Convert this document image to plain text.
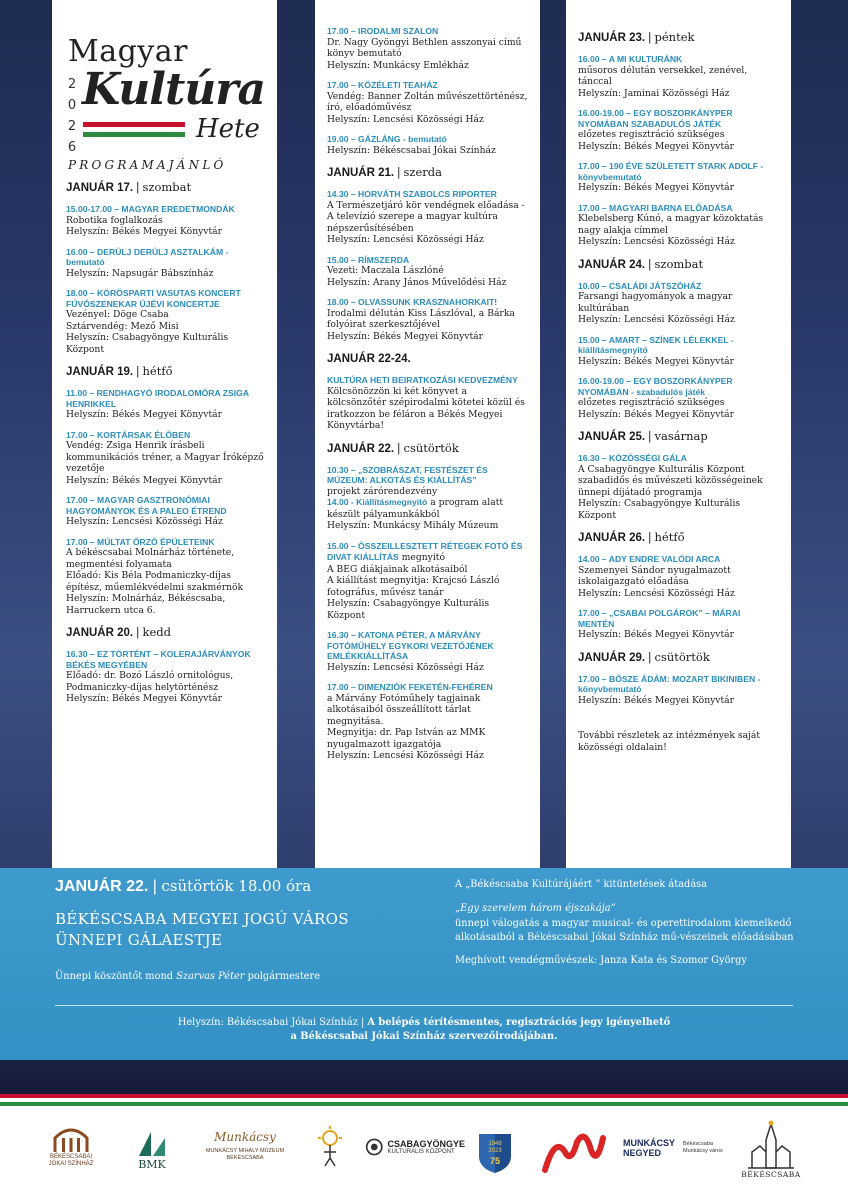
JANUÁR 17. | szombat
15.00-17.00 – MAGYAR EREDETMONDÁK
Robotika foglalkozás
Helyszín: Békés Megyei Könyvtár
16.00 – DERÜLJ DERÜLJ ASZTALKÁM - bemutató
Helyszín: Napsugár Bábszínház
18.00 – KÖRÖSPARTI VASUTAS KONCERT FÚVÓSZENEKAR ÚJÉVI KONCERTJE
Vezényel: Döge Csaba
Sztárvendég: Mező Misi
Helyszín: Csabagyöngye Kulturális Központ
JANUÁR 19. | hétfő
11.00 – RENDHAGYÓ IRODALOMÓRA ZSIGA HENRIKKEL
Helyszín: Békés Megyei Könyvtár
17.00 – KORTÁRSAK ÉLŐBEN
Vendég: Zsiga Henrik írásbeli kommunikációs tréner, a Magyar Íróképző vezetője
Helyszín: Békés Megyei Könyvtár
17.00 – MAGYAR GASZTRONÓMIAI HAGYOMÁNYOK ÉS A PALEO ÉTREND
Helyszín: Lencsési Közösségi Ház
17.00 – MÚLTAT ŐRZŐ ÉPÜLETEINK
A békéscsabai Molnárház története, megmentési folyamata
Előadó: Kis Béla Podmaniczky-díjas építész, műemlékvédelmi szakmérnök
Helyszín: Molnárház, Békéscsaba, Harruckern utca 6.
JANUÁR 20. | kedd
16.30 – EZ TÖRTÉNT – KOLERAJÁRVÁNYOK BÉKÉS MEGYÉBEN
Előadó: dr. Bozó László ornitológus, Podmaniczky-díjas helytörténész
Helyszín: Békés Megyei Könyvtár
Magyar
2
0
2
6
Kultúra
Hete
PROGRAMAJÁNLÓ
17.00 – IRODALMI SZALON
Dr. Nagy Gyöngyi Bethlen asszonyai című könyv bemutató
Helyszín: Munkácsy Emlékház
17.00 – KÖZÉLETI TEAHÁZ
Vendég: Banner Zoltán művészettörténész, író, előadóművész
Helyszín: Lencsési Közösségi Ház
19.00 – GÁZLÁNG - bemutató
Helyszín: Békéscsabai Jókai Színház
JANUÁR 21. | szerda
14.30 – HORVÁTH SZABOLCS RIPORTER
A Természetjáró kör vendégnek előadása - A televízió szerepe a magyar kultúra népszerűsítésében
Helyszín: Lencsési Közösségi Ház
15.00 – RÍMSZERDA
Vezeti: Maczala Lászlóné
Helyszín: Arany János Művelődési Ház
18.00 – OLVASSUNK KRASZNAHORKAIT!
Irodalmi délután Kiss Lászlóval, a Bárka folyóirat szerkesztőjével
Helyszín: Békés Megyei Könyvtár
JANUÁR 22-24.
KULTÚRA HETI BEIRATKOZÁSI KEDVEZMÉNY
Kölcsönözzön ki két könyvet a kölcsönzőtér szépirodalmi kötetei közül és iratkozzon be féláron a Békés Megyei Könyvtárba!
JANUÁR 22. | csütörtök
10.30 – „SZOBRÁSZAT, FESTÉSZET ÉS MÚZEUM: ALKOTÁS ÉS KIÁLLÍTÁS”
projekt zárórendezvény
14.00 - Kiállításmegnyitó a program alatt készült pályamunkákból
Helyszín: Munkácsy Mihály Múzeum
15.00 – ÖSSZEILLESZTETT RÉTEGEK FOTÓ ÉS DIVAT KIÁLLÍTÁS megnyitó
A BEG diákjainak alkotásaiból
A kiállítást megnyitja: Krajcsó László fotográfus, művész tanár
Helyszín: Csabagyöngye Kulturális Központ
16.30 – KATONA PÉTER, A MÁRVÁNY FOTÓMŰHELY EGYKORI VEZETŐJÉNEK EMLÉKKIÁLLÍTÁSA
Helyszín: Lencsési Közösségi Ház
17.00 – DIMENZIÓK FEKETÉN-FEHÉREN
a Márvány Fotóműhely tagjainak alkotásaiból összeállított tárlat megnyitása.
Megnyitja: dr. Pap István az MMK nyugalmazott igazgatója
Helyszín: Lencsési Közösségi Ház
JANUÁR 23. | péntek
16.00 – A MI KULTURÁNK
műsoros délután versekkel, zenével, tánccal
Helyszín: Jaminai Közösségi Ház
16.00-19.00 – EGY BOSZORKÁNYPER NYOMÁBAN SZABADULÓS JÁTÉK
előzetes regisztráció szükséges
Helyszín: Békés Megyei Könyvtár
17.00 – 190 ÉVE SZÜLETETT STARK ADOLF - könyvbemutató
Helyszín: Békés Megyei Könyvtár
17.00 – MAGYARI BARNA ELŐADÁSA
Klebelsberg Kúnó, a magyar közoktatás nagy alakja címmel
Helyszín: Lencsési Közösségi Ház
JANUÁR 24. | szombat
10.00 – CSALÁDI JÁTSZÓHÁZ
Farsangi hagyományok a magyar kultúrában
Helyszín: Lencsési Közösségi Ház
15.00 – AMART – SZÍNEK LÉLEKKEL - kiállításmegnyitó
Helyszín: Békés Megyei Könyvtár
16.00-19.00 – EGY BOSZORKÁNYPER NYOMÁBAN - szabadulós játék
előzetes regisztráció szükséges
Helyszín: Békés Megyei Könyvtár
JANUÁR 25. | vasárnap
16.30 – KÖZÖSSÉGI GÁLA
A Csabagyöngye Kulturális Központ szabadidős és művészeti közösségeinek ünnepi díjátadó programja
Helyszín: Csabagyöngye Kulturális Központ
JANUÁR 26. | hétfő
14.00 – ADY ENDRE VALÓDI ARCA
Szemenyei Sándor nyugalmazott iskolaigazgató előadása
Helyszín: Lencsési Közösségi Ház
17.00 – „CSABAI POLGÁROK” – MÁRAI MENTÉN
Helyszín: Békés Megyei Könyvtár
JANUÁR 29. | csütörtök
17.00 – BŐSZE ÁDÁM: MOZART BIKINIBEN - könyvbemutató
Helyszín: Békés Megyei Könyvtár
További részletek az intézmények saját közösségi oldalain!
JANUÁR 22. | csütörtök 18.00 óra
BÉKÉSCSABA MEGYEI JOGÚ VÁROS
ÜNNEPI GÁLAESTJE
Ünnepi köszöntőt mond Szarvas Péter polgármestere
A „Békéscsaba Kultúrájáért ” kitüntetések átadása
„Egy szerelem három éjszakája”
ünnepi válogatás a magyar musical- és operettirodalom kiemelkedő alkotásaiból a Békéscsabai Jókai Színház mű-vészeinek előadásában
Meghívott vendégművészek: Janza Kata és Szomor György
Helyszín: Békéscsabai Jókai Színház | A belépés térítésmentes, regisztrációs jegy igényelhető
a Békéscsabai Jókai Színház szervezőirodájában.
BÉKÉSCSABAI
JÓKAI SZÍNHÁZ	BMK
Munkácsy
MUNKÁCSY MIHÁLY MÚZEUM
BÉKÉSCSABA
CSABAGYÖNGYE
KULTURÁLIS KÖZPONT
1948
2023
75
MUNKÁCSY
NEGYED
Békéscsaba Munkácsy város
BÉKÉSCSABA
